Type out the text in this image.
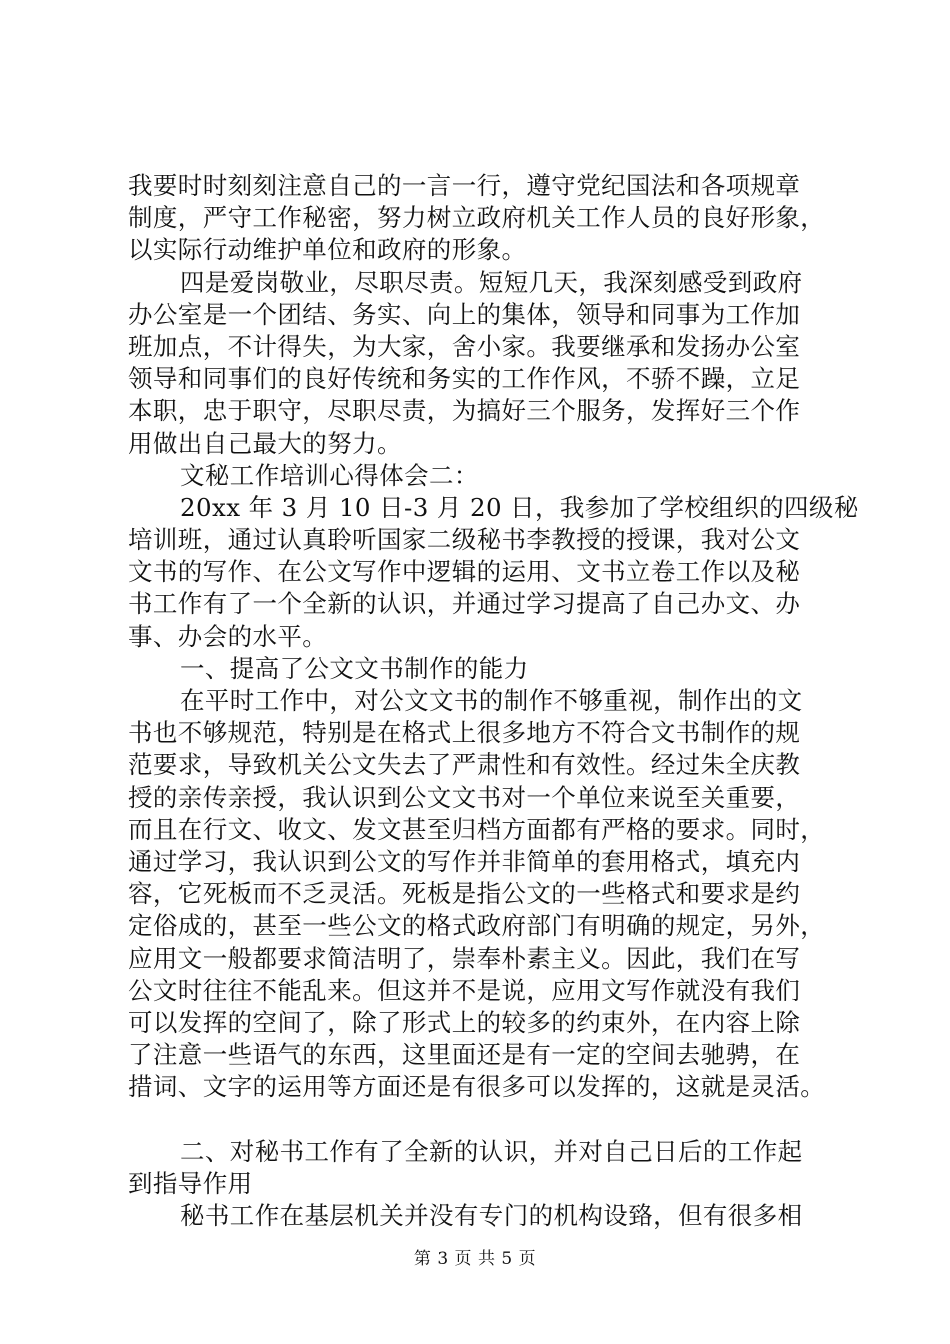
我要时时刻刻注意自己的一言一行，遵守党纪国法和各项规章
制度，严守工作秘密，努力树立政府机关工作人员的良好形象，
以实际行动维护单位和政府的形象。
四是爱岗敬业，尽职尽责。短短几天，我深刻感受到政府
办公室是一个团结、务实、向上的集体，领导和同事为工作加
班加点，不计得失，为大家，舍小家。我要继承和发扬办公室
领导和同事们的良好传统和务实的工作作风，不骄不躁，立足
本职，忠于职守，尽职尽责，为搞好三个服务，发挥好三个作
用做出自己最大的努力。
文秘工作培训心得体会二：
20xx 年 3 月 10 日-3 月 20 日，我参加了学校组织的四级秘
培训班，通过认真聆听国家二级秘书李教授的授课，我对公文
文书的写作、在公文写作中逻辑的运用、文书立卷工作以及秘
书工作有了一个全新的认识，并通过学习提高了自己办文、办
事、办会的水平。
一、提高了公文文书制作的能力
在平时工作中，对公文文书的制作不够重视，制作出的文
书也不够规范，特别是在格式上很多地方不符合文书制作的规
范要求，导致机关公文失去了严肃性和有效性。经过朱全庆教
授的亲传亲授，我认识到公文文书对一个单位来说至关重要，
而且在行文、收文、发文甚至归档方面都有严格的要求。同时，
通过学习，我认识到公文的写作并非简单的套用格式，填充内
容，它死板而不乏灵活。死板是指公文的一些格式和要求是约
定俗成的，甚至一些公文的格式政府部门有明确的规定，另外，
应用文一般都要求简洁明了，崇奉朴素主义。因此，我们在写
公文时往往不能乱来。但这并不是说，应用文写作就没有我们
可以发挥的空间了，除了形式上的较多的约束外，在内容上除
了注意一些语气的东西，这里面还是有一定的空间去驰骋，在
措词、文字的运用等方面还是有很多可以发挥的，这就是灵活。
二、对秘书工作有了全新的认识，并对自己日后的工作起
到指导作用
秘书工作在基层机关并没有专门的机构设臵，但有很多相
第 3 页 共 5 页
